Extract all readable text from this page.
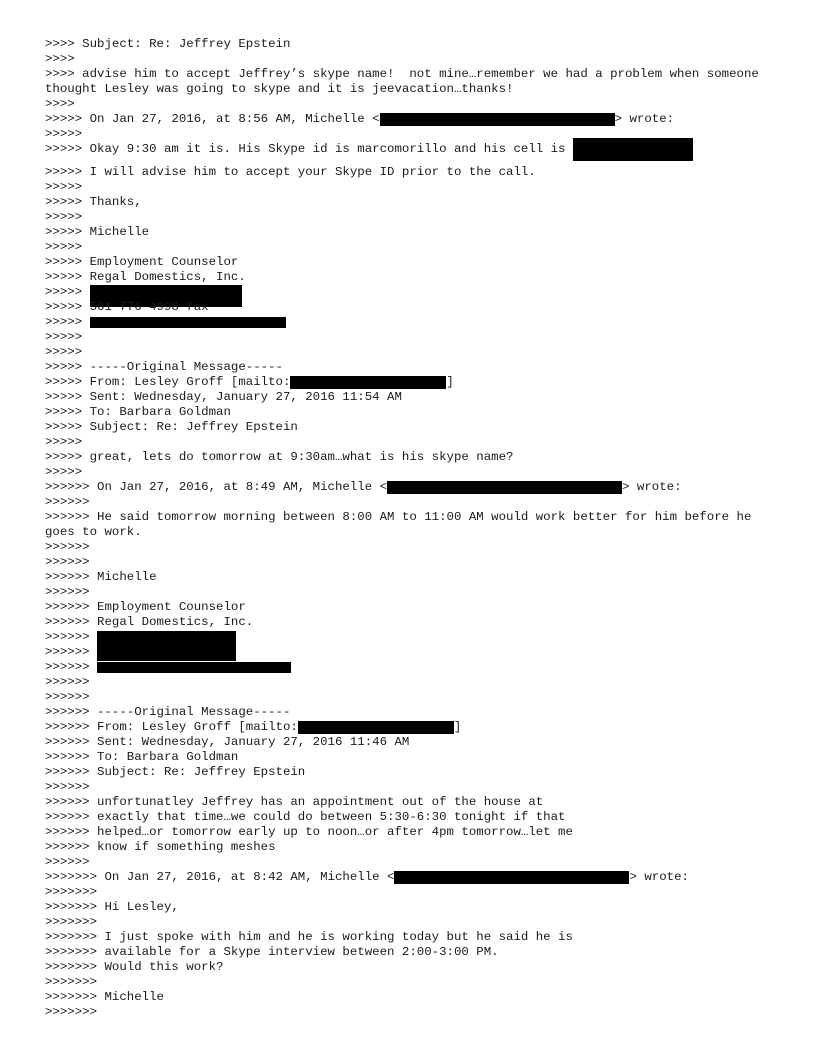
>>>> Subject: Re: Jeffrey Epstein
>>>>
>>>> advise him to accept Jeffrey’s skype name!  not mine…remember we had a problem when someone thought Lesley was going to skype and it is jeevacation…thanks!
>>>>
>>>>> On Jan 27, 2016, at 8:56 AM, Michelle <	> wrote:
>>>>>
>>>>> Okay 9:30 am it is. His Skype id is marcomorillo and his cell is
>>>>> I will advise him to accept your Skype ID prior to the call.
>>>>>
>>>>> Thanks,
>>>>>
>>>>> Michelle
>>>>>
>>>>> Employment Counselor
>>>>> Regal Domestics, Inc.
>>>>>
>>>>> 561 776 4998 fax
>>>>>
>>>>>
>>>>>
>>>>> -----Original Message-----
>>>>> From: Lesley Groff [mailto:	]
>>>>> Sent: Wednesday, January 27, 2016 11:54 AM
>>>>> To: Barbara Goldman
>>>>> Subject: Re: Jeffrey Epstein
>>>>>
>>>>> great, lets do tomorrow at 9:30am…what is his skype name?
>>>>>
>>>>>> On Jan 27, 2016, at 8:49 AM, Michelle <	> wrote:
>>>>>>
>>>>>> He said tomorrow morning between 8:00 AM to 11:00 AM would work better for him before he goes to work.
>>>>>>
>>>>>>
>>>>>> Michelle
>>>>>>
>>>>>> Employment Counselor
>>>>>> Regal Domestics, Inc.
>>>>>>
>>>>>>
>>>>>>
>>>>>>
>>>>>>
>>>>>> -----Original Message-----
>>>>>> From: Lesley Groff [mailto:	]
>>>>>> Sent: Wednesday, January 27, 2016 11:46 AM
>>>>>> To: Barbara Goldman
>>>>>> Subject: Re: Jeffrey Epstein
>>>>>>
>>>>>> unfortunatley Jeffrey has an appointment out of the house at
>>>>>> exactly that time…we could do between 5:30-6:30 tonight if that
>>>>>> helped…or tomorrow early up to noon…or after 4pm tomorrow…let me
>>>>>> know if something meshes
>>>>>>
>>>>>>> On Jan 27, 2016, at 8:42 AM, Michelle <	> wrote:
>>>>>>>
>>>>>>> Hi Lesley,
>>>>>>>
>>>>>>> I just spoke with him and he is working today but he said he is
>>>>>>> available for a Skype interview between 2:00-3:00 PM.
>>>>>>> Would this work?
>>>>>>>
>>>>>>> Michelle
>>>>>>>
